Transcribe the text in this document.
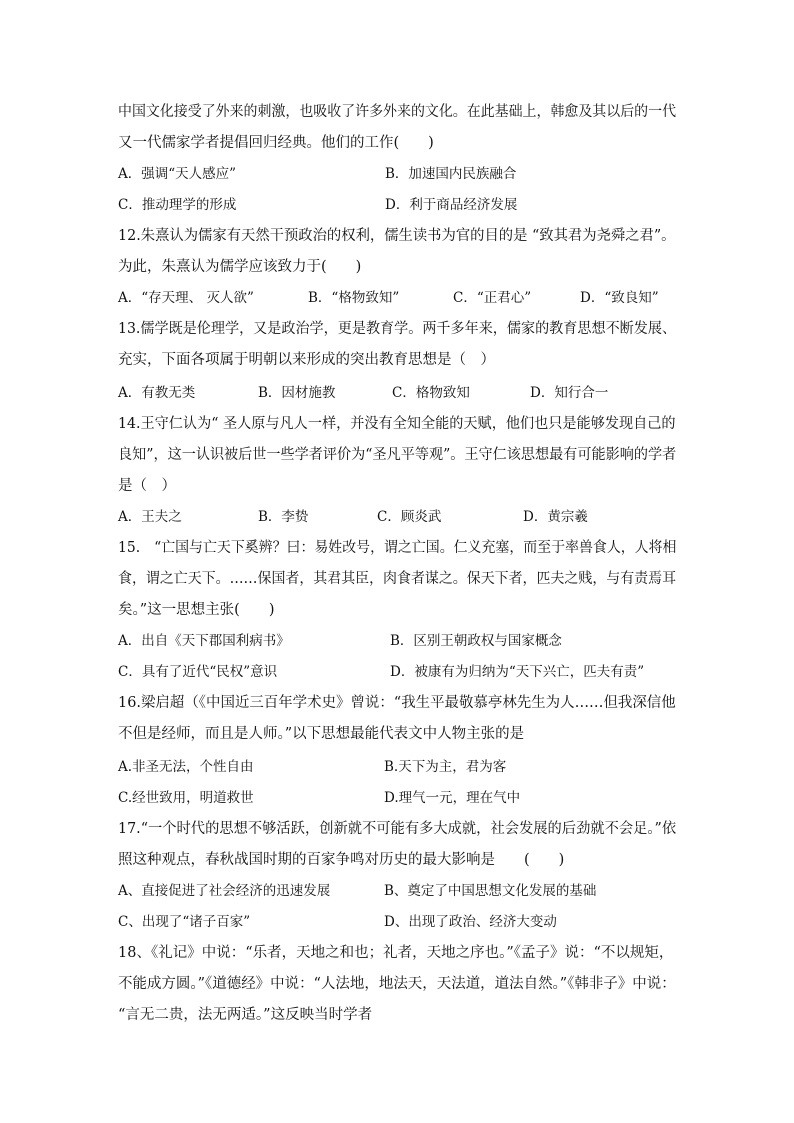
中国文化接受了外来的刺激，也吸收了许多外来的文化。在此基础上，韩愈及其以后的一代
又一代儒家学者提倡回归经典。他们的工作(　　)
A．强调“天人感应”	B．加速国内民族融合
C．推动理学的形成	D．利于商品经济发展
12.朱熹认为儒家有天然干预政治的权利，儒生读书为官的目的是 “致其君为尧舜之君”。
为此，朱熹认为儒学应该致力于(　　)
A．“存天理、 灭人欲”	B．“格物致知”	C．“正君心”	D．“致良知”
13.儒学既是伦理学，又是政治学，更是教育学。两千多年来，儒家的教育思想不断发展、
充实，下面各项属于明朝以来形成的突出教育思想是（　）
A．有教无类	B．因材施教	C．格物致知	D．知行合一
14.王守仁认为“ 圣人原与凡人一样，并没有全知全能的天赋，他们也只是能够发现自己的
良知”，这一认识被后世一些学者评价为“圣凡平等观”。王守仁该思想最有可能影响的学者
是（　）
A．王夫之	B．李贽	C．顾炎武	D．黄宗羲
15.　“亡国与亡天下奚辨？曰：易姓改号，谓之亡国。仁义充塞，而至于率兽食人，人将相
食，谓之亡天下。……保国者，其君其臣，肉食者谋之。保天下者，匹夫之贱，与有责焉耳
矣。”这一思想主张(　　)
A．出自《天下郡国利病书》	B．区别王朝政权与国家概念
C．具有了近代“民权”意识	D．被康有为归纳为“天下兴亡，匹夫有责”
16.梁启超（《中国近三百年学术史》曾说：“我生平最敬慕亭林先生为人……但我深信他
不但是经师，而且是人师。”以下思想最能代表文中人物主张的是
A.非圣无法，个性自由	B.天下为主，君为客
C.经世致用，明道救世	D.理气一元，理在气中
17.“一个时代的思想不够活跃，创新就不可能有多大成就，社会发展的后劲就不会足。”依
照这种观点，春秋战国时期的百家争鸣对历史的最大影响是　　(　　)
A、直接促进了社会经济的迅速发展	B、奠定了中国思想文化发展的基础
C、出现了“诸子百家”	D、出现了政治、经济大变动
18、《礼记》中说：“乐者，天地之和也；礼者，天地之序也。”《孟子》说：“不以规矩，
不能成方圆。”《道德经》中说：“人法地，地法天，天法道，道法自然。”《韩非子》中说：
“言无二贵，法无两适。”这反映当时学者
